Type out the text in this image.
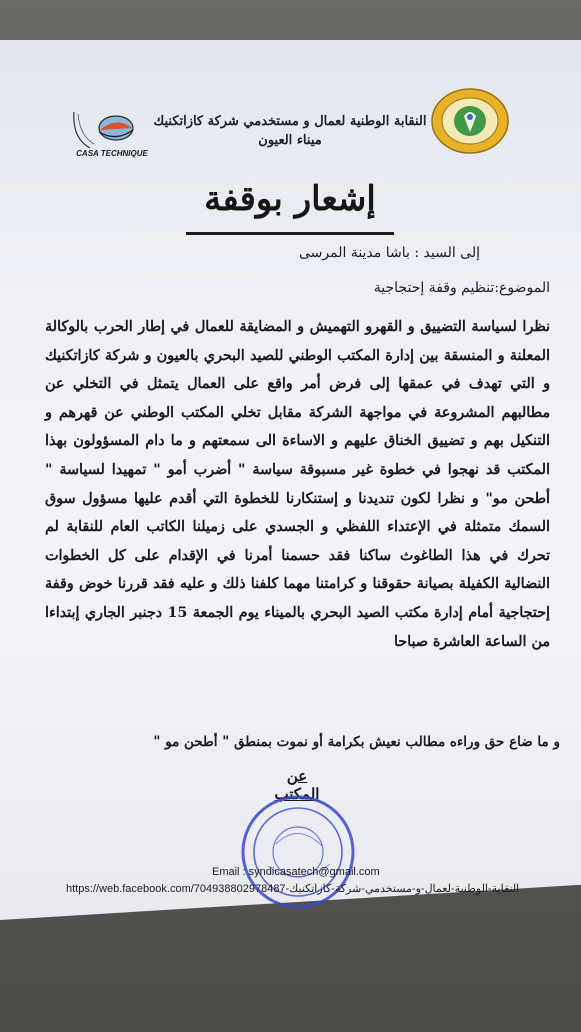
CASA TECHNIQUE
النقابة الوطنية لعمال و مستخدمي شركة كازاتكنيك
ميناء العيون
إشعار بوقفة
إلى السيد : باشا مدينة المرسى
الموضوع:تنظيم وقفة إحتجاجية
نظرا لسياسة التضييق و القهرو التهميش و المضايقة للعمال في إطار الحرب بالوكالة المعلنة و المنسقة بين إدارة المكتب الوطني للصيد البحري بالعيون و شركة كازاتكنيك و التي تهدف في عمقها إلى فرض أمر واقع على العمال يتمثل في التخلي عن مطالبهم المشروعة في مواجهة الشركة مقابل تخلي المكتب الوطني عن قهرهم و التنكيل بهم و تضييق الخناق عليهم و الاساءة الى سمعتهم و ما دام المسؤولون بهذا المكتب قد نهجوا في خطوة غير مسبوقة سياسة " أضرب أمو " تمهيدا لسياسة " أطحن مو" و نظرا لكون تنديدنا و إستنكارنا للخطوة التي أقدم عليها مسؤول سوق السمك متمثلة في الإعتداء اللفظي و الجسدي على زميلنا الكاتب العام للنقابة لم تحرك في هذا الطاغوث ساكنا فقد حسمنا أمرنا في الإقدام على كل الخطوات النضالية الكفيلة بصيانة حقوقنا و كرامتنا مهما كلفنا ذلك و عليه فقد قررنا خوض وقفة إحتجاجية أمام إدارة مكتب الصيد البحري بالميناء يوم الجمعة 15 دجنبر الجاري إبتداءا من الساعة العاشرة صباحا
و ما ضاع حق وراءه مطالب نعيش بكرامة أو نموت بمنطق " أطحن مو "
عن المكتب
Email : syndicasatech@gmail.com
https://web.facebook.com/704938802978487-النقابة-الوطنية-لعمال-و-مستخدمي-شركة-كازاتكنيك
